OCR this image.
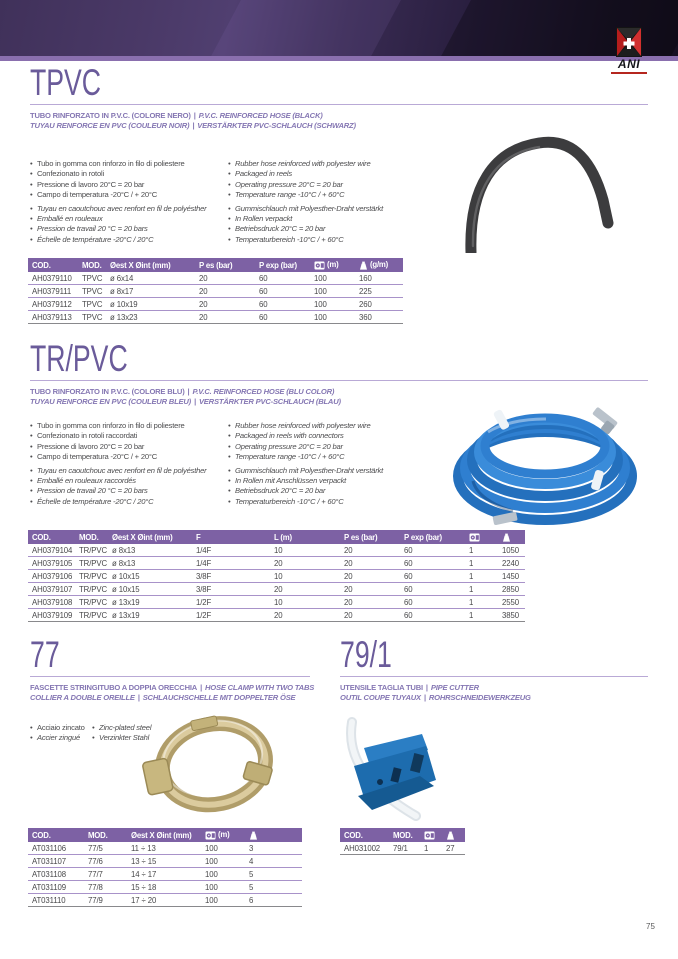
ANI
TPVC
TUBO RINFORZATO IN P.V.C. (COLORE NERO) | P.V.C. REINFORCED HOSE (BLACK)
TUYAU RENFORCE EN PVC (COULEUR NOIR) | VERSTÄRKTER PVC-SCHLAUCH (SCHWARZ)
• Tubo in gomma con rinforzo in filo di poliestere
• Confezionato in rotoli
• Pressione di lavoro 20°C = 20 bar
• Campo di temperatura -20°C / + 20°C
• Tuyau en caoutchouc avec renfort en fil de polyésther
• Emballé en rouleaux
• Pression de travail 20 °C = 20 bars
• Échelle de température -20°C / 20°C
• Rubber hose reinforced with polyester wire
• Packaged in reels
• Operating pressure 20°C = 20 bar
• Temperature range -10°C / + 60°C
• Gummischlauch mit Polyesther-Draht verstärkt
• In Rollen verpackt
• Betriebsdruck 20°C = 20 bar
• Temperaturbereich -10°C / + 60°C
COD.	MOD.	Øest X Øint (mm)	P es (bar)	P exp (bar)	(m)	(g/m)
AH0379110	TPVC	ø 6x14	20	60	100	160
AH0379111	TPVC	ø 8x17	20	60	100	225
AH0379112	TPVC	ø 10x19	20	60	100	260
AH0379113	TPVC	ø 13x23	20	60	100	360
TR/PVC
TUBO RINFORZATO IN P.V.C. (COLORE BLU) | P.V.C. REINFORCED HOSE (BLU COLOR)
TUYAU RENFORCE EN PVC (COULEUR BLEU) | VERSTÄRKTER PVC-SCHLAUCH (BLAU)
• Tubo in gomma con rinforzo in filo di poliestere
• Confezionato in rotoli raccordati
• Pressione di lavoro 20°C = 20 bar
• Campo di temperatura -20°C / + 20°C
• Tuyau en caoutchouc avec renfort en fil de polyésther
• Emballé en rouleaux raccordés
• Pression de travail 20 °C = 20 bars
• Échelle de température -20°C / 20°C
• Rubber hose reinforced with polyester wire
• Packaged in reels with connectors
• Operating pressure 20°C = 20 bar
• Temperature range -10°C / + 60°C
• Gummischlauch mit Polyesther-Draht verstärkt
• In Rollen mit Anschlüssen verpackt
• Betriebsdruck 20°C = 20 bar
• Temperaturbereich -10°C / + 60°C
COD.	MOD.	Øest X Øint (mm)	F	L (m)	P es (bar)	P exp (bar)		
AH0379104	TR/PVC	ø 8x13	1/4F	10	20	60	1	1050
AH0379105	TR/PVC	ø 8x13	1/4F	20	20	60	1	2240
AH0379106	TR/PVC	ø 10x15	3/8F	10	20	60	1	1450
AH0379107	TR/PVC	ø 10x15	3/8F	20	20	60	1	2850
AH0379108	TR/PVC	ø 13x19	1/2F	10	20	60	1	2550
AH0379109	TR/PVC	ø 13x19	1/2F	20	20	60	1	3850
77
FASCETTE STRINGITUBO A DOPPIA ORECCHIA | HOSE CLAMP WITH TWO TABS
COLLIER A DOUBLE OREILLE | SCHLAUCHSCHELLE MIT DOPPELTER ÖSE
• Acciaio zincato
• Accier zingué
• Zinc-plated steel
• Verzinkter Stahl
COD.	MOD.	Øest X Øint (mm)	(m)	
AT031106	77/5	11 ÷ 13	100	3
AT031107	77/6	13 ÷ 15	100	4
AT031108	77/7	14 ÷ 17	100	5
AT031109	77/8	15 ÷ 18	100	5
AT031110	77/9	17 ÷ 20	100	6
79/1
UTENSILE TAGLIA TUBI | PIPE CUTTER
OUTIL COUPE TUYAUX | ROHRSCHNEIDEWERKZEUG
COD.	MOD.		
AH031002	79/1	1	27
75
